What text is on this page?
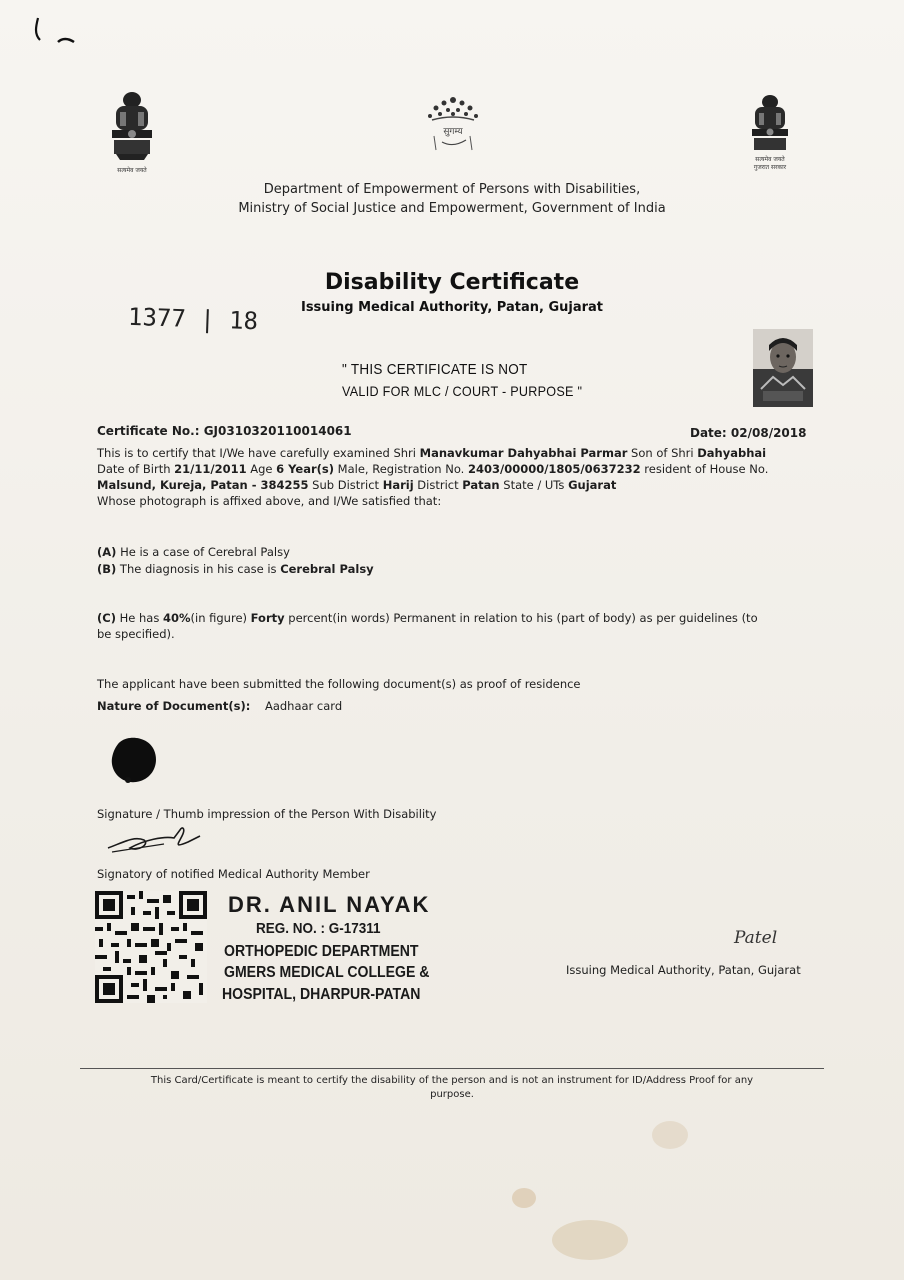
सत्यमेव जयते
सुगम्य
सत्यमेव जयते
गुजरात सरकार
Department of Empowerment of Persons with Disabilities,
Ministry of Social Justice and Empowerment, Government of India
Disability Certificate
Issuing Medical Authority, Patan, Gujarat
1377 | 18
" THIS CERTIFICATE IS NOT
VALID FOR MLC / COURT - PURPOSE "
Certificate No.: GJ0310320110014061	Date: 02/08/2018
This is to certify that I/We have carefully examined Shri Manavkumar Dahyabhai Parmar Son of Shri Dahyabhai
Date of Birth 21/11/2011 Age 6 Year(s) Male, Registration No. 2403/00000/1805/0637232 resident of House No.
Malsund, Kureja, Patan - 384255 Sub District Harij District Patan State / UTs Gujarat
Whose photograph is affixed above, and I/We satisfied that:
(A) He is a case of Cerebral Palsy
(B) The diagnosis in his case is Cerebral Palsy
(C) He has 40%(in figure) Forty percent(in words) Permanent in relation to his (part of body) as per guidelines (to
be specified).
The applicant have been submitted the following document(s) as proof of residence
Nature of Document(s): Aadhaar card
Signature / Thumb impression of the Person With Disability
Signatory of notified Medical Authority Member
DR. ANIL NAYAK
REG. NO. : G-17311
ORTHOPEDIC DEPARTMENT
GMERS MEDICAL COLLEGE &
HOSPITAL, DHARPUR-PATAN
Patel
Issuing Medical Authority, Patan, Gujarat
This Card/Certificate is meant to certify the disability of the person and is not an instrument for ID/Address Proof for any
purpose.
